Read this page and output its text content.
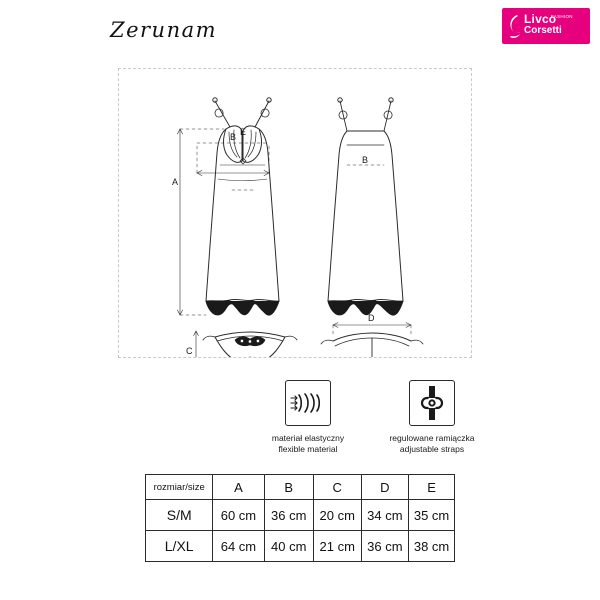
Livco
FASHION
Corsetti
Zerunam
A
B
B
C
D
E
materiał elastyczny
flexible material
regulowane ramiączka
adjustable straps
rozmiar/size	A	B	C	D	E
S/M	60 cm	36 cm	20 cm	34 cm	35 cm
L/XL	64 cm	40 cm	21 cm	36 cm	38 cm
